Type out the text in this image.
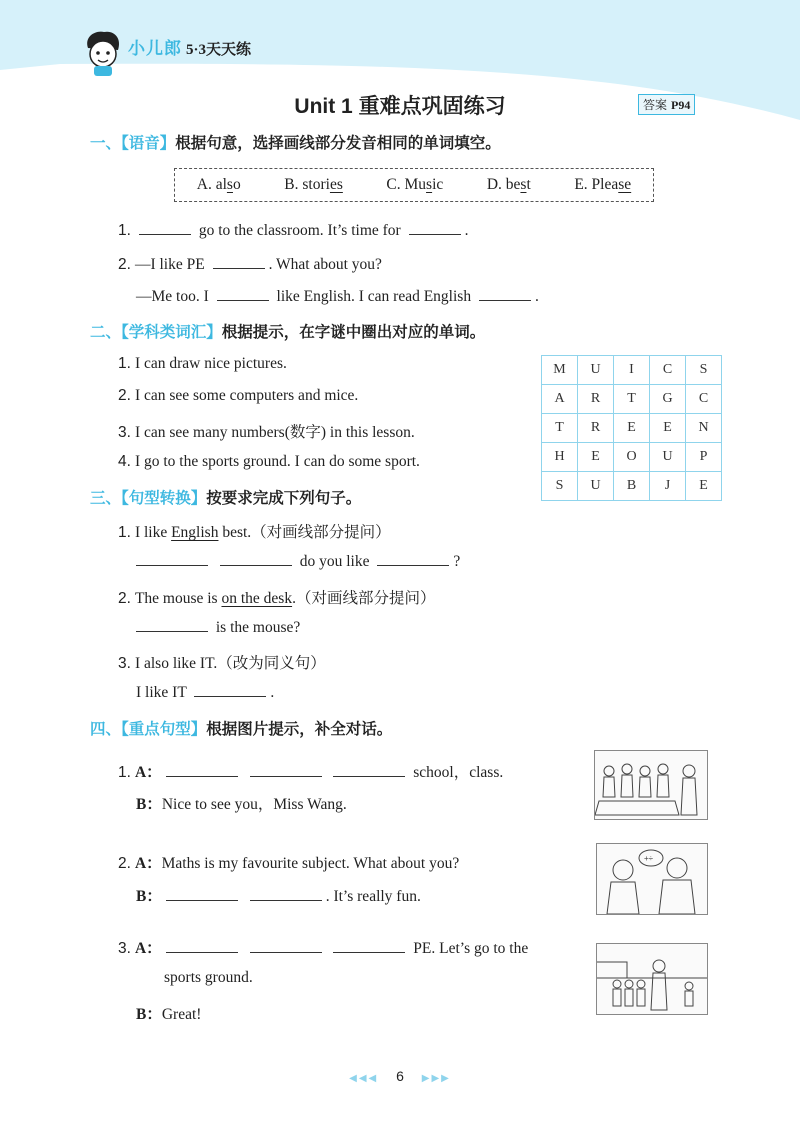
小儿郎 5·3天天练
Unit 1 重难点巩固练习	答案 P94
一、【语音】根据句意，选择画线部分发音相同的单词填空。
A. also	B. stories	C. Music	D. best	E. Please
1.	go to the classroom. It’s time for	.
2. —I like PE	. What about you?
—Me too. I	like English. I can read English	.
二、【学科类词汇】根据提示，在字谜中圈出对应的单词。
1. I can draw nice pictures.
2. I can see some computers and mice.
3. I can see many numbers(数字) in this lesson.
4. I go to the sports ground. I can do some sport.
M	U	I	C	S
A	R	T	G	C
T	R	E	E	N
H	E	O	U	P
S	U	B	J	E
三、【句型转换】按要求完成下列句子。
1. I like English best.（对画线部分提问）
do you like	?
2. The mouse is on the desk.（对画线部分提问）
is the mouse?
3. I also like IT.（改为同义句）
I like IT	.
四、【重点句型】根据图片提示，补全对话。
1. A：	school，class.
B：Nice to see you，Miss Wang.
2. A：Maths is my favourite subject. What about you?
B：	. It’s really fun.
+÷
3. A：	PE. Let’s go to the
sports ground.
B：Great!
◀◀◀ 6 ▶▶▶
